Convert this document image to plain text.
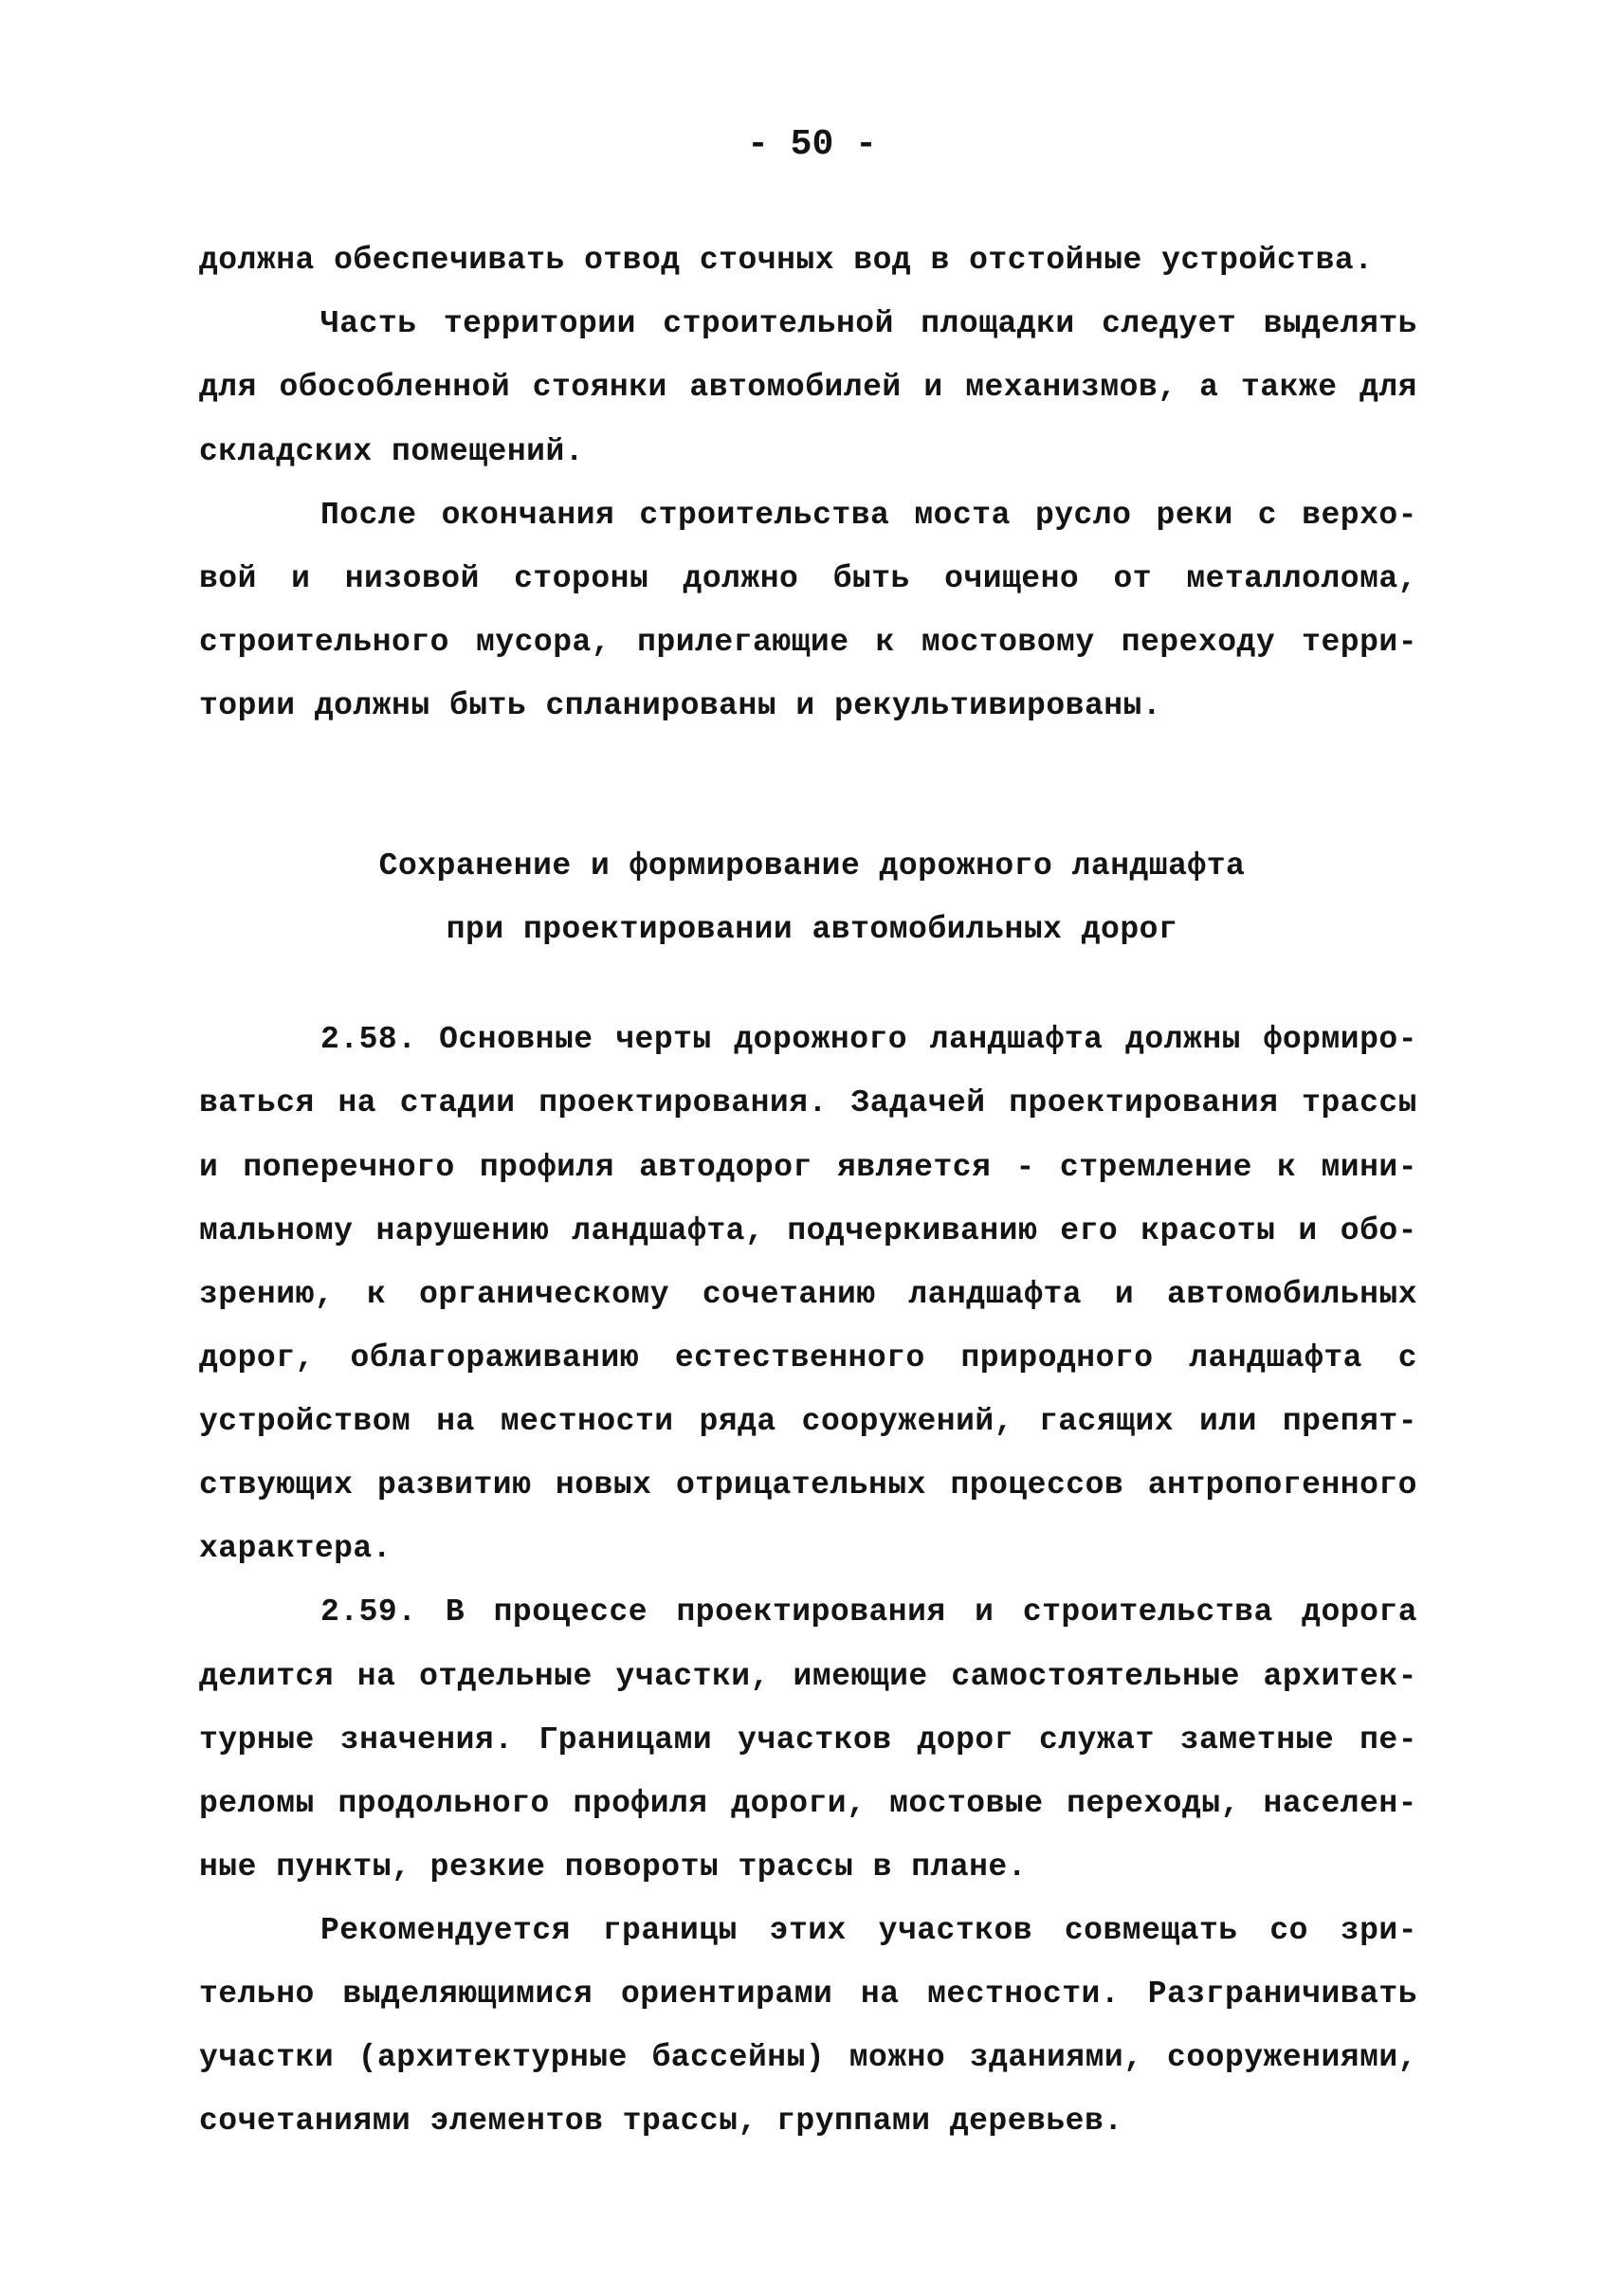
- 50 -
должна обеспечивать отвод сточных вод в отстойные устройства.
Часть территории строительной площадки следует выделять
для обособленной стоянки автомобилей и механизмов, а также для
складских помещений.
После окончания строительства моста русло реки с верхо-
вой и низовой стороны должно быть очищено от металлолома,
строительного мусора, прилегающие к мостовому переходу терри-
тории должны быть спланированы и рекультивированы.
Сохранение и формирование дорожного ландшафта
при проектировании автомобильных дорог
2.58. Основные черты дорожного ландшафта должны формиро-
ваться на стадии проектирования. Задачей проектирования трассы
и поперечного профиля автодорог является - стремление к мини-
мальному нарушению ландшафта, подчеркиванию его красоты и обо-
зрению, к органическому сочетанию ландшафта и автомобильных
дорог, облагораживанию естественного природного ландшафта с
устройством на местности ряда сооружений, гасящих или препят-
ствующих развитию новых отрицательных процессов антропогенного
характера.
2.59. В процессе проектирования и строительства дорога
делится на отдельные участки, имеющие самостоятельные архитек-
турные значения. Границами участков дорог служат заметные пе-
реломы продольного профиля дороги, мостовые переходы, населен-
ные пункты, резкие повороты трассы в плане.
Рекомендуется границы этих участков совмещать со зри-
тельно выделяющимися ориентирами на местности. Разграничивать
участки (архитектурные бассейны) можно зданиями, сооружениями,
сочетаниями элементов трассы, группами деревьев.
